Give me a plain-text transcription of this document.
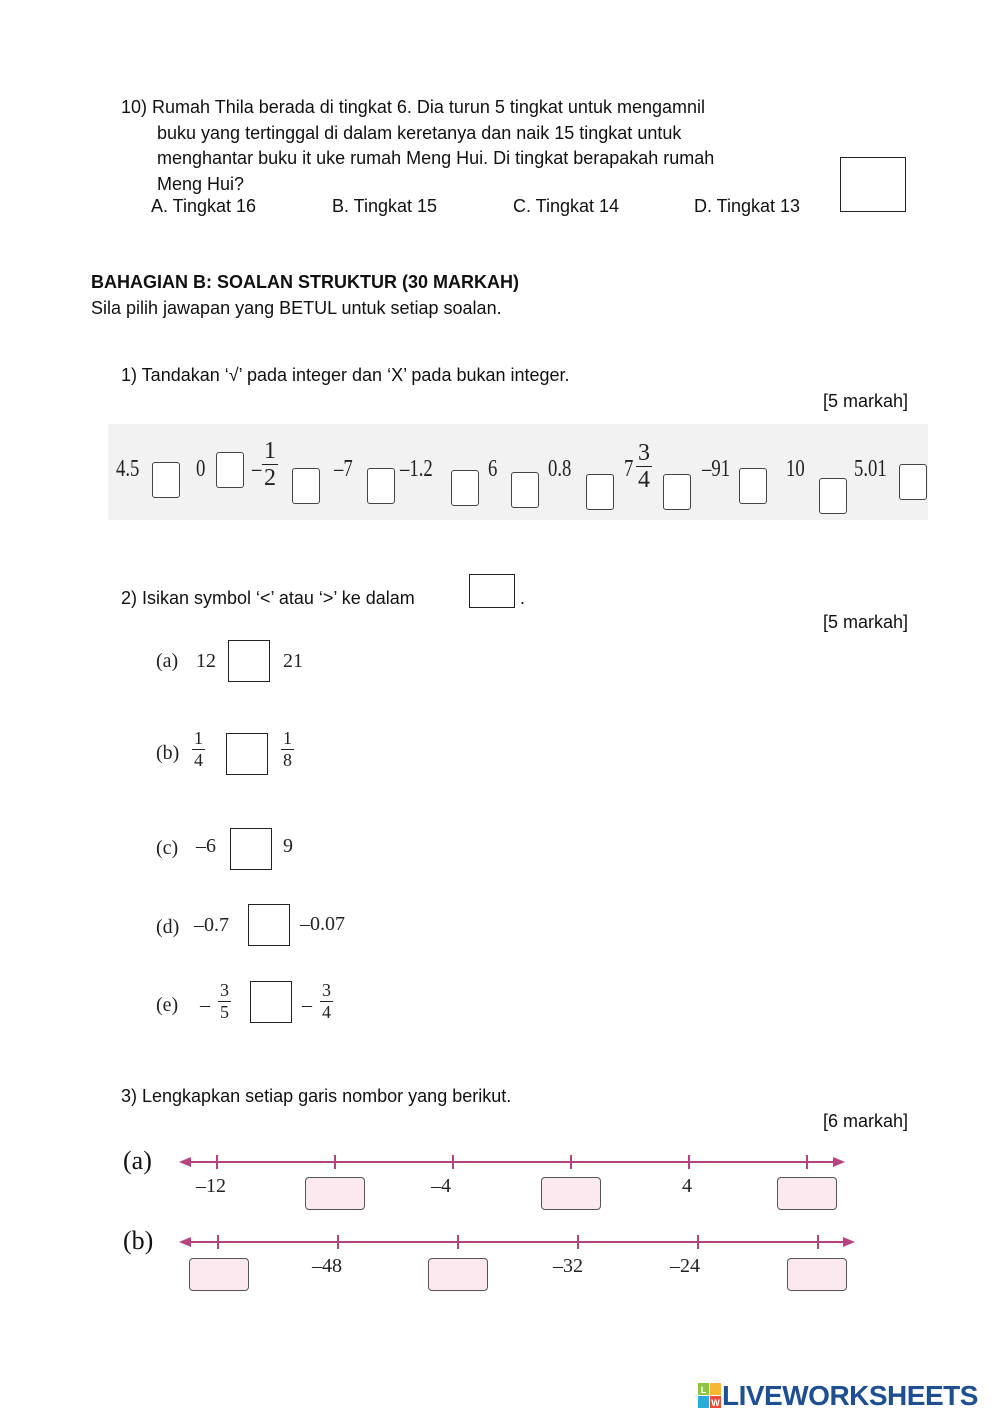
10) Rumah Thila berada di tingkat 6. Dia turun 5 tingkat untuk mengamnil
buku yang tertinggal di dalam keretanya dan naik 15 tingkat untuk
menghantar buku it uke rumah Meng Hui. Di tingkat berapakah rumah
Meng Hui?
A. Tingkat 16	B. Tingkat 15	C. Tingkat 14	D. Tingkat 13
BAHAGIAN B: SOALAN STRUKTUR (30 MARKAH)
Sila pilih jawapan yang BETUL untuk setiap soalan.
1) Tandakan ‘√’ pada integer dan ‘X’ pada bukan integer.
[5 markah]
4.5 $0 - \frac{1}{2} -7$ –1.2 6 0.8 $7 \frac{3}{4} -91$ 10 5.01
2) Isikan symbol ‘<’ atau ‘>’ ke dalam	.
[5 markah]
(a) 12	21
$(b) \frac{1}{4}$	$\frac{1}{8}$
(c) –6	9
(d) –0.7	–0.07
$(e) - \frac{3}{5}$	– $\frac{3}{4}$
3) Lengkapkan setiap garis nombor yang berikut.
[6 markah]
(a)
–12	–4	4
(b)
–48	–32	–24
L
W LIVEWORKSHEETS
